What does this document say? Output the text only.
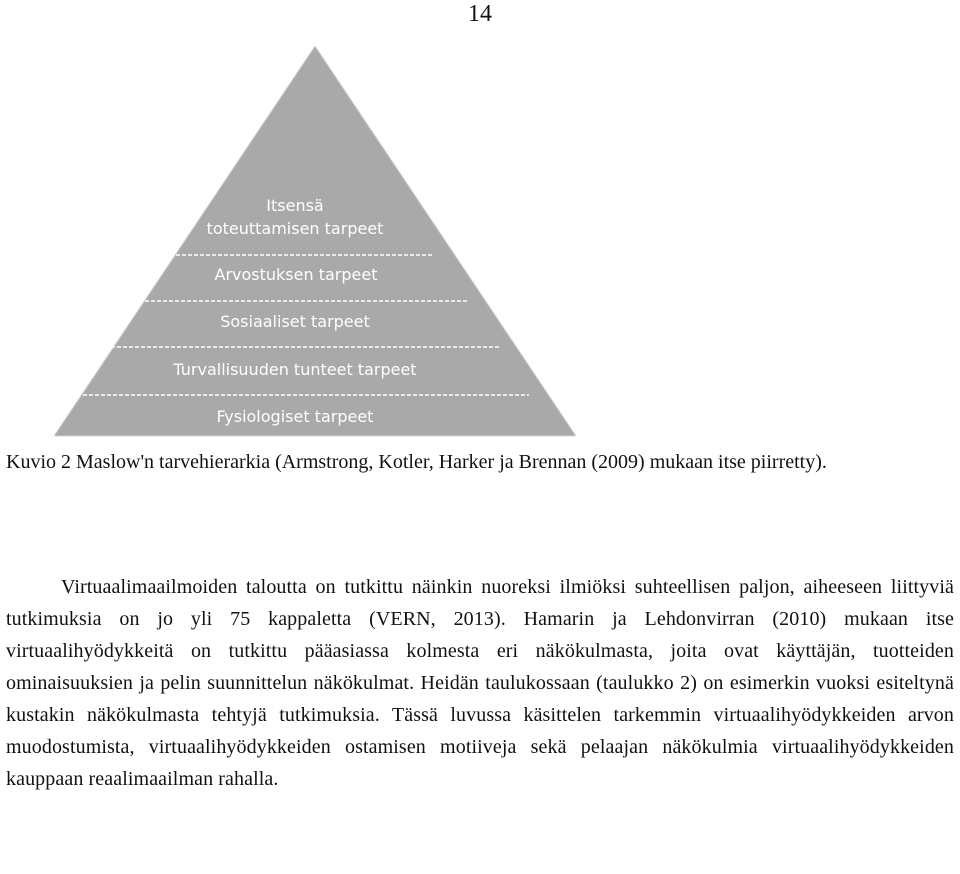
14
Itsensä
toteuttamisen tarpeet
Arvostuksen tarpeet
Sosiaaliset tarpeet
Turvallisuuden tunteet tarpeet
Fysiologiset tarpeet
Kuvio 2 Maslow'n tarvehierarkia (Armstrong, Kotler, Harker ja Brennan (2009) mukaan itse piirretty).

Virtuaalimaailmoiden taloutta on tutkittu näinkin nuoreksi ilmiöksi suhteellisen paljon, aiheeseen liittyviä tutkimuksia on jo yli 75 kappaletta (VERN, 2013). Hamarin ja Lehdonvirran (2010) mukaan itse virtuaalihyödykkeitä on tutkittu pääasiassa kolmesta eri näkökulmasta, joita ovat käyttäjän, tuotteiden ominaisuuksien ja pelin suunnittelun näkökulmat. Heidän taulukossaan (taulukko 2) on esimerkin vuoksi esiteltynä kustakin näkökulmasta tehtyjä tutkimuksia. Tässä luvussa käsittelen tarkemmin virtuaalihyödykkeiden arvon muodostumista, virtuaalihyödykkeiden ostamisen motiiveja sekä pelaajan näkökulmia virtuaalihyödykkeiden kauppaan reaalimaailman rahalla.
